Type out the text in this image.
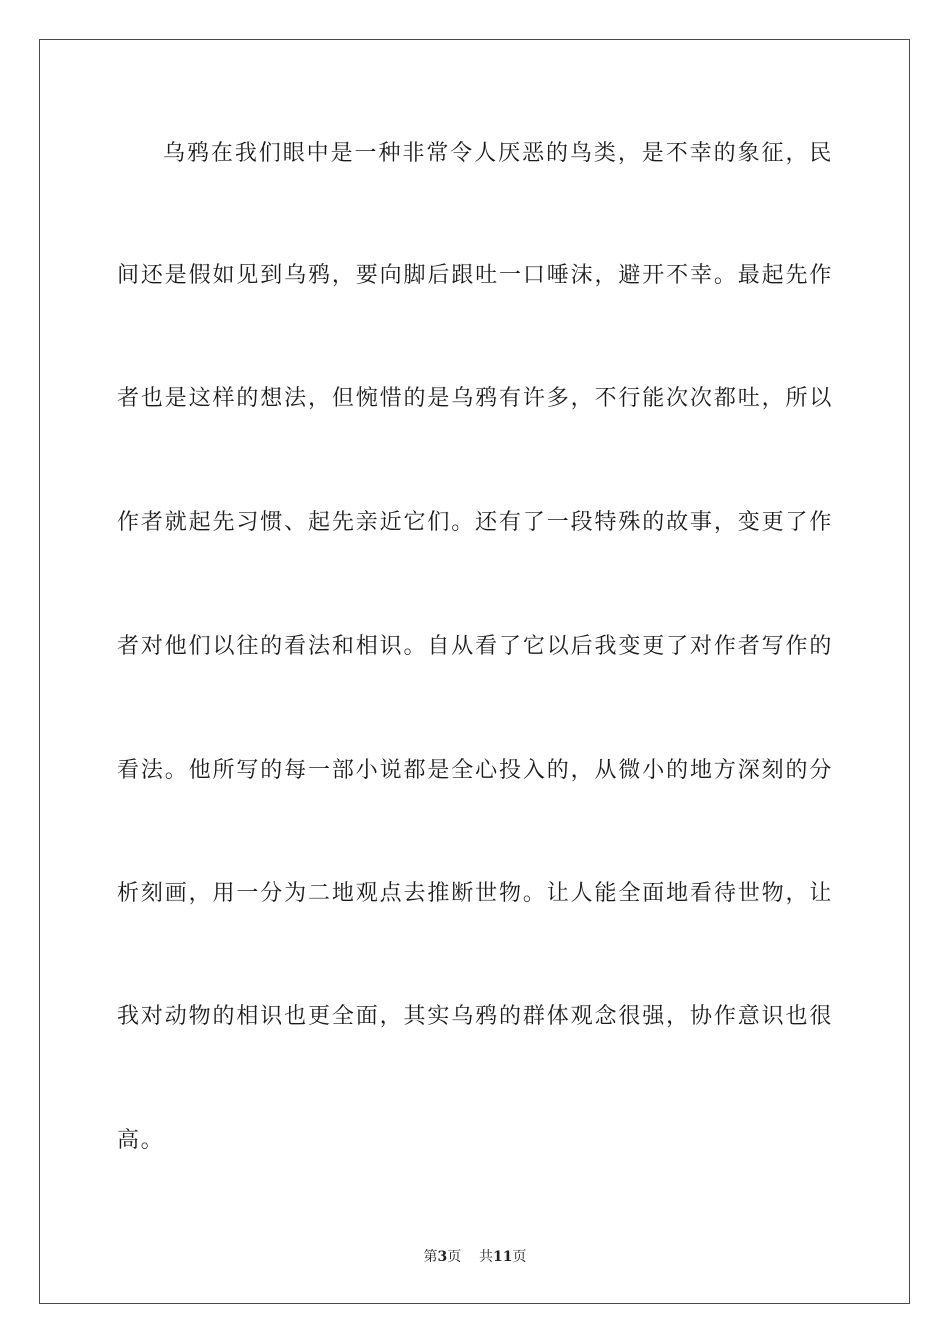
乌鸦在我们眼中是一种非常令人厌恶的鸟类，是不幸的象征，民
间还是假如见到乌鸦，要向脚后跟吐一口唾沫，避开不幸。最起先作
者也是这样的想法，但惋惜的是乌鸦有许多，不行能次次都吐，所以
作者就起先习惯、起先亲近它们。还有了一段特殊的故事，变更了作
者对他们以往的看法和相识。自从看了它以后我变更了对作者写作的
看法。他所写的每一部小说都是全心投入的，从微小的地方深刻的分
析刻画，用一分为二地观点去推断世物。让人能全面地看待世物，让
我对动物的相识也更全面，其实乌鸦的群体观念很强，协作意识也很
高。
第3页 共11页
